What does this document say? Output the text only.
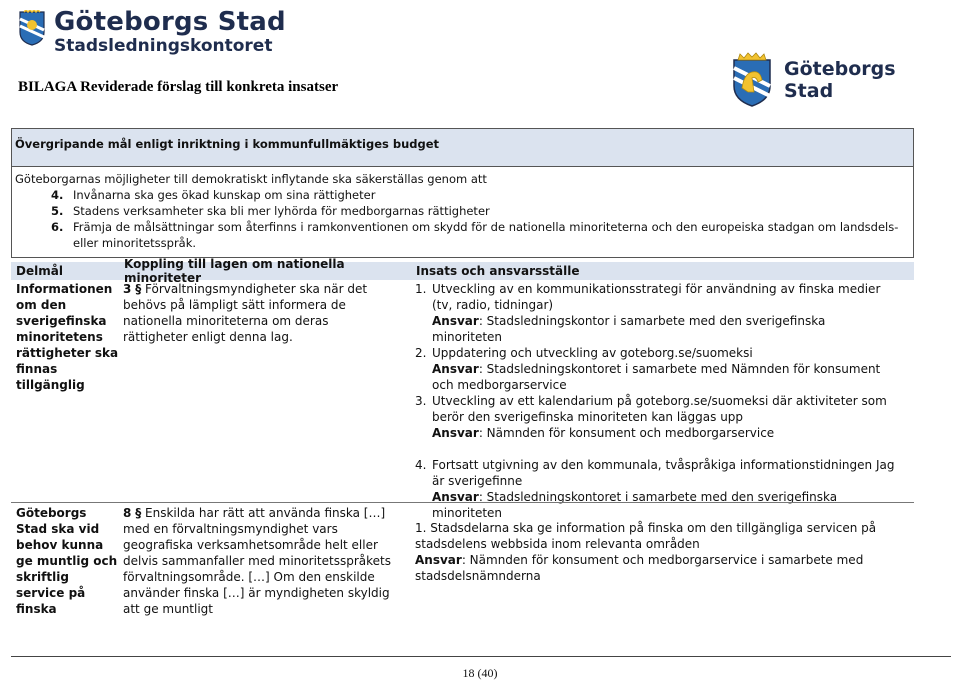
Göteborgs Stad
Stadsledningskontoret
BILAGA Reviderade förslag till konkreta insatser
Göteborgs
Stad
Övergripande mål enligt inriktning i kommunfullmäktiges budget
Göteborgarnas möjligheter till demokratiskt inflytande ska säkerställas genom att
4. Invånarna ska ges ökad kunskap om sina rättigheter
5. Stadens verksamheter ska bli mer lyhörda för medborgarnas rättigheter
6. Främja de målsättningar som återfinns i ramkonventionen om skydd för de nationella minoriteterna och den europeiska stadgan om landsdels- eller minoritetsspråk.
Delmål	Koppling till lagen om nationella minoriteter	Insats och ansvarsställe
Informationen om den sverigefinska minoritetens rättigheter ska finnas tillgänglig
3 § Förvaltningsmyndigheter ska när det behövs på lämpligt sätt informera de nationella minoriteterna om deras rättigheter enligt denna lag.
1. Utveckling av en kommunikationsstrategi för användning av finska medier (tv, radio, tidningar)
Ansvar: Stadsledningskontor i samarbete med den sverigefinska minoriteten
2. Uppdatering och utveckling av goteborg.se/suomeksi
Ansvar: Stadsledningskontoret i samarbete med Nämnden för konsument och medborgarservice
3. Utveckling av ett kalendarium på goteborg.se/suomeksi där aktiviteter som berör den sverigefinska minoriteten kan läggas upp
Ansvar: Nämnden för konsument och medborgarservice
4. Fortsatt utgivning av den kommunala, tvåspråkiga informationstidningen Jag är sverigefinne
Ansvar: Stadsledningskontoret i samarbete med den sverigefinska minoriteten
Göteborgs Stad ska vid behov kunna ge muntlig och skriftlig service på finska
8 § Enskilda har rätt att använda finska […] med en förvaltningsmyndighet vars geografiska verksamhetsområde helt eller delvis sammanfaller med minoritetsspråkets förvaltningsområde. […] Om den enskilde använder finska […] är myndigheten skyldig att ge muntligt
1. Stadsdelarna ska ge information på finska om den tillgängliga servicen på stadsdelens webbsida inom relevanta områden
Ansvar: Nämnden för konsument och medborgarservice i samarbete med stadsdelsnämnderna
18 (40)
